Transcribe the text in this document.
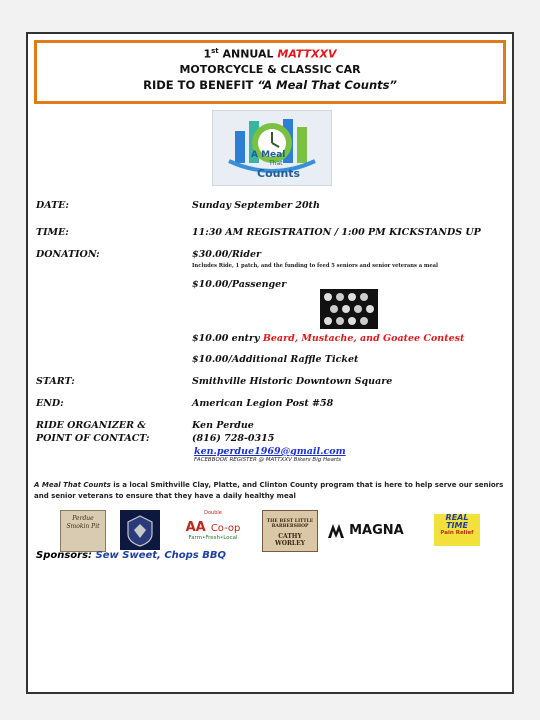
1st ANNUAL MATTXXV
MOTORCYCLE & CLASSIC CAR
RIDE TO BENEFIT “A Meal That Counts”
A Meal
That
Counts
DATE:	Sunday September 20th
TIME:	11:30 AM REGISTRATION / 1:00 PM KICKSTANDS UP
DONATION:	$30.00/Rider
Includes Ride, 1 patch, and the funding to feed 5 seniors and senior veterans a meal
$10.00/Passenger
$10.00 entry Beard, Mustache, and Goatee Contest
$10.00/Additional Raffle Ticket
START:	Smithville Historic Downtown Square
END:	American Legion Post #58
RIDE ORGANIZER &
POINT OF CONTACT:
Ken Perdue
(816) 728-0315
ken.perdue1969@gmail.com
FACEBBOOK REGISTER @ MATTXXV Bikers Big Hearts
A Meal That Counts is a local Smithville Clay, Platte, and Clinton County program that is here to help serve our seniors and senior veterans to ensure that they have a daily healthy meal
Perdue Smokin Pit
Double
AA Co-op
Farm•Fresh•Local
THE BEST LITTLE BARBERSHOP
CATHY WORLEY
MAGNA
REAL
TIME
Pain Relief
Sponsors: Sew Sweet, Chops BBQ
